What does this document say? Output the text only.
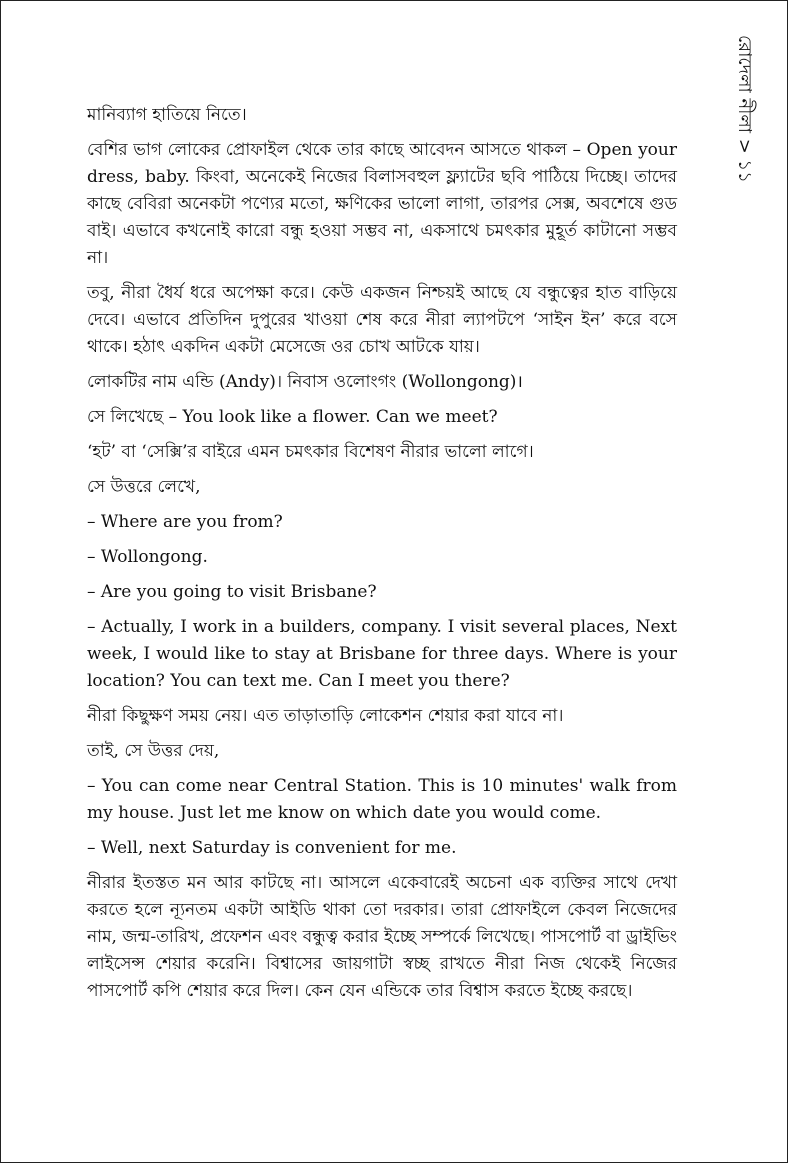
রোদেলা নীলা > ১১

মানিব্যাগ হাতিয়ে নিতে।

বেশির ভাগ লোকের প্রোফাইল থেকে তার কাছে আবেদন আসতে থাকল – Open your dress, baby. কিংবা, অনেকেই নিজের বিলাসবহুল ফ্ল্যাটের ছবি পাঠিয়ে দিচ্ছে। তাদের কাছে বেবিরা অনেকটা পণ্যের মতো, ক্ষণিকের ভালো লাগা, তারপর সেক্স, অবশেষে গুড বাই। এভাবে কখনোই কারো বন্ধু হওয়া সম্ভব না, একসাথে চমৎকার মুহূর্ত কাটানো সম্ভব না।

তবু, নীরা ধৈর্য ধরে অপেক্ষা করে। কেউ একজন নিশ্চয়ই আছে যে বন্ধুত্বের হাত বাড়িয়ে দেবে। এভাবে প্রতিদিন দুপুরের খাওয়া শেষ করে নীরা ল্যাপটপে ‘সাইন ইন’ করে বসে থাকে। হঠাৎ একদিন একটা মেসেজে ওর চোখ আটকে যায়।

লোকটির নাম এন্ডি (Andy)। নিবাস ওলোংগং (Wollongong)।

সে লিখেছে – You look like a flower. Can we meet?

‘হট’ বা ‘সেক্সি’র বাইরে এমন চমৎকার বিশেষণ নীরার ভালো লাগে।

সে উত্তরে লেখে,

– Where are you from?

– Wollongong.

– Are you going to visit Brisbane?

– Actually, I work in a builders, company. I visit several places, Next week, I would like to stay at Brisbane for three days. Where is your location? You can text me. Can I meet you there?

নীরা কিছুক্ষণ সময় নেয়। এত তাড়াতাড়ি লোকেশন শেয়ার করা যাবে না।

তাই, সে উত্তর দেয়,

– You can come near Central Station. This is 10 minutes' walk from my house. Just let me know on which date you would come.

– Well, next Saturday is convenient for me.

নীরার ইতস্তত মন আর কাটছে না। আসলে একেবারেই অচেনা এক ব্যক্তির সাথে দেখা করতে হলে ন্যূনতম একটা আইডি থাকা তো দরকার। তারা প্রোফাইলে কেবল নিজেদের নাম, জন্ম-তারিখ, প্রফেশন এবং বন্ধুত্ব করার ইচ্ছে সম্পর্কে লিখেছে। পাসপোর্ট বা ড্রাইভিং লাইসেন্স শেয়ার করেনি। বিশ্বাসের জায়গাটা স্বচ্ছ রাখতে নীরা নিজ থেকেই নিজের পাসপোর্ট কপি শেয়ার করে দিল। কেন যেন এন্ডিকে তার বিশ্বাস করতে ইচ্ছে করছে।
